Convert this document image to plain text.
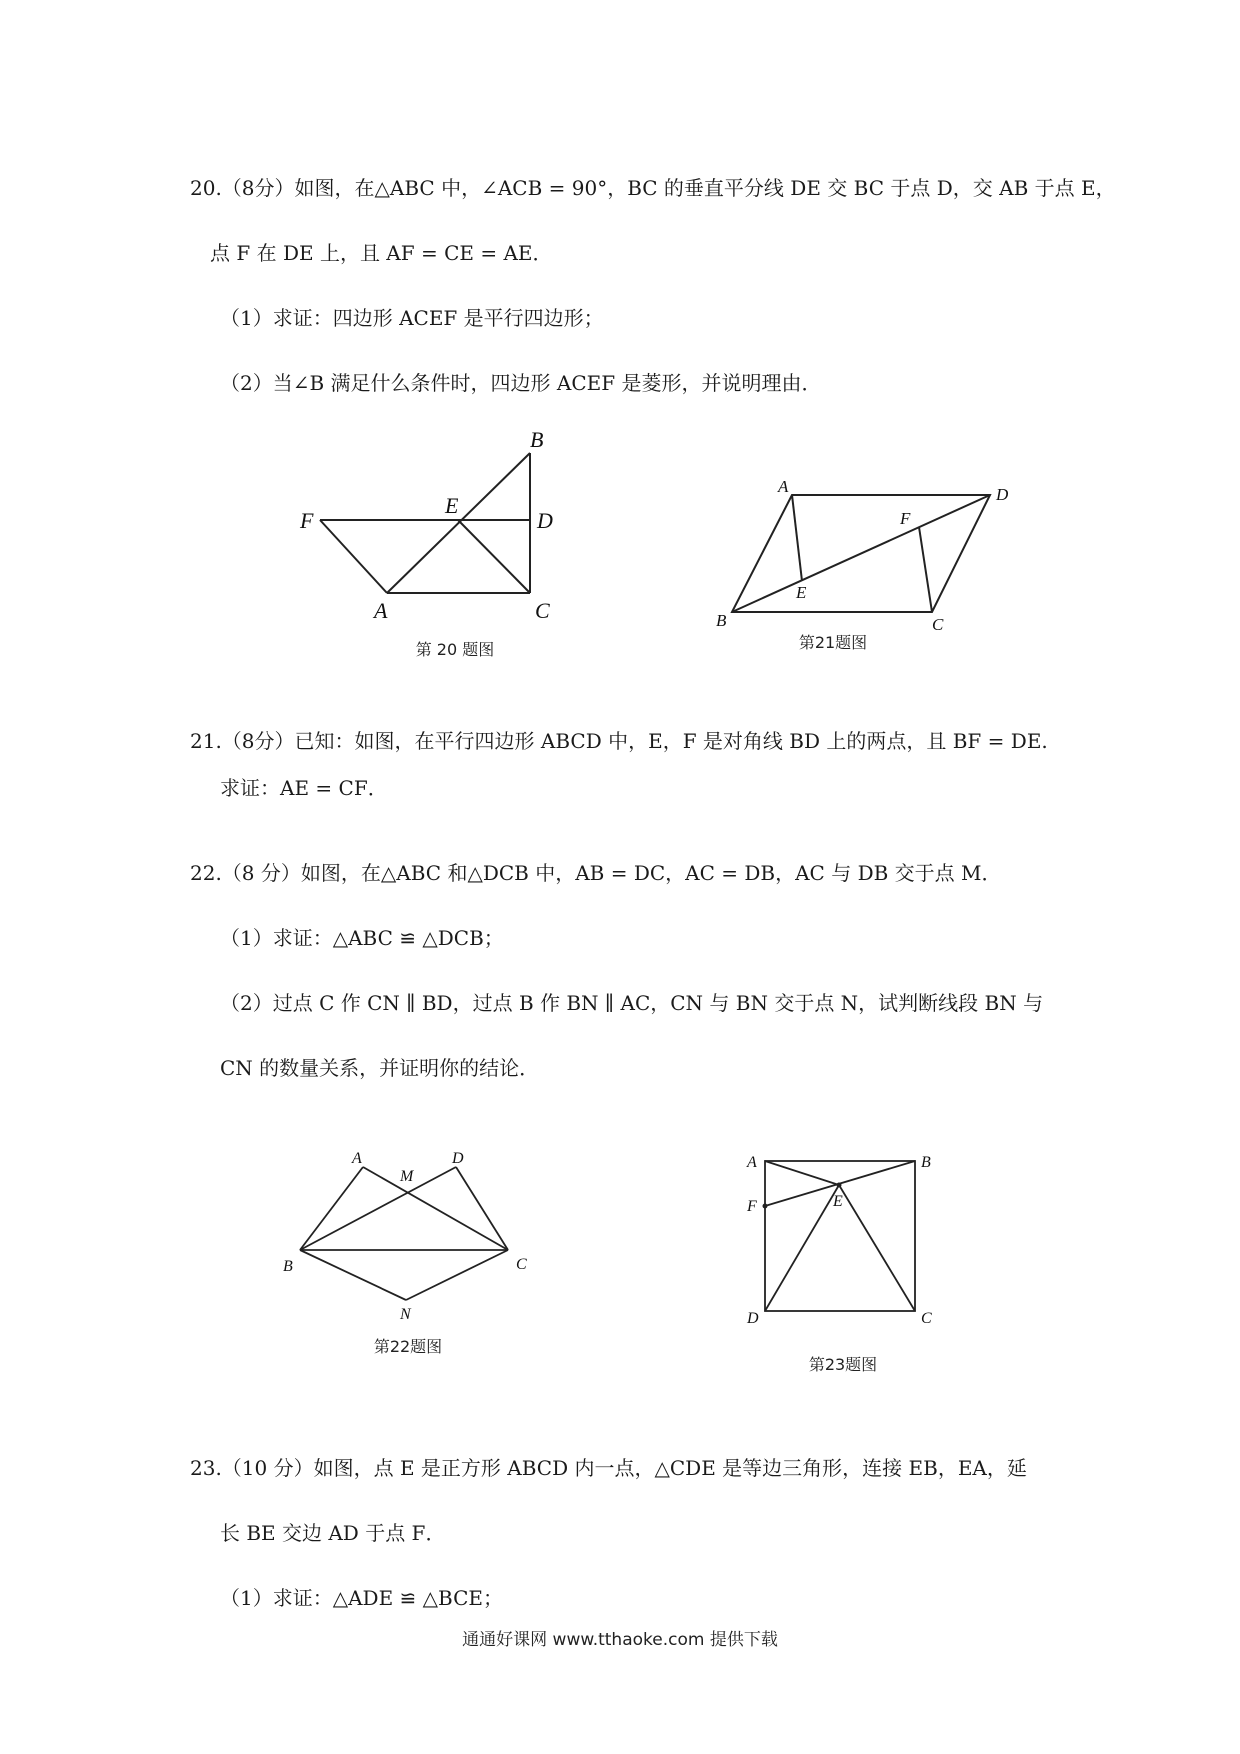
20.（8分）如图，在△ABC 中，∠ACB = 90°，BC 的垂直平分线 DE 交 BC 于点 D，交 AB 于点 E，
点 F 在 DE 上，且 AF = CE = AE．
（1）求证：四边形 ACEF 是平行四边形；
（2）当∠B 满足什么条件时，四边形 ACEF 是菱形，并说明理由．
B
E
F	D
A	C
第 20 题图
A	D
F
E
B	C
第21题图
21.（8分）已知：如图，在平行四边形 ABCD 中，E，F 是对角线 BD 上的两点，且 BF = DE.
求证：AE = CF．
22.（8 分）如图，在△ABC 和△DCB 中，AB = DC，AC = DB，AC 与 DB 交于点 M．
（1）求证：△ABC ≌ △DCB；
（2）过点 C 作 CN ∥ BD，过点 B 作 BN ∥ AC，CN 与 BN 交于点 N，试判断线段 BN 与
CN 的数量关系，并证明你的结论．
A
M
D
B	C
N
第22题图
A	B
F	E
D	C
第23题图
23.（10 分）如图，点 E 是正方形 ABCD 内一点，△CDE 是等边三角形，连接 EB，EA，延
长 BE 交边 AD 于点 F．
（1）求证：△ADE ≌ △BCE；
通通好课网 www.tthaoke.com 提供下载
